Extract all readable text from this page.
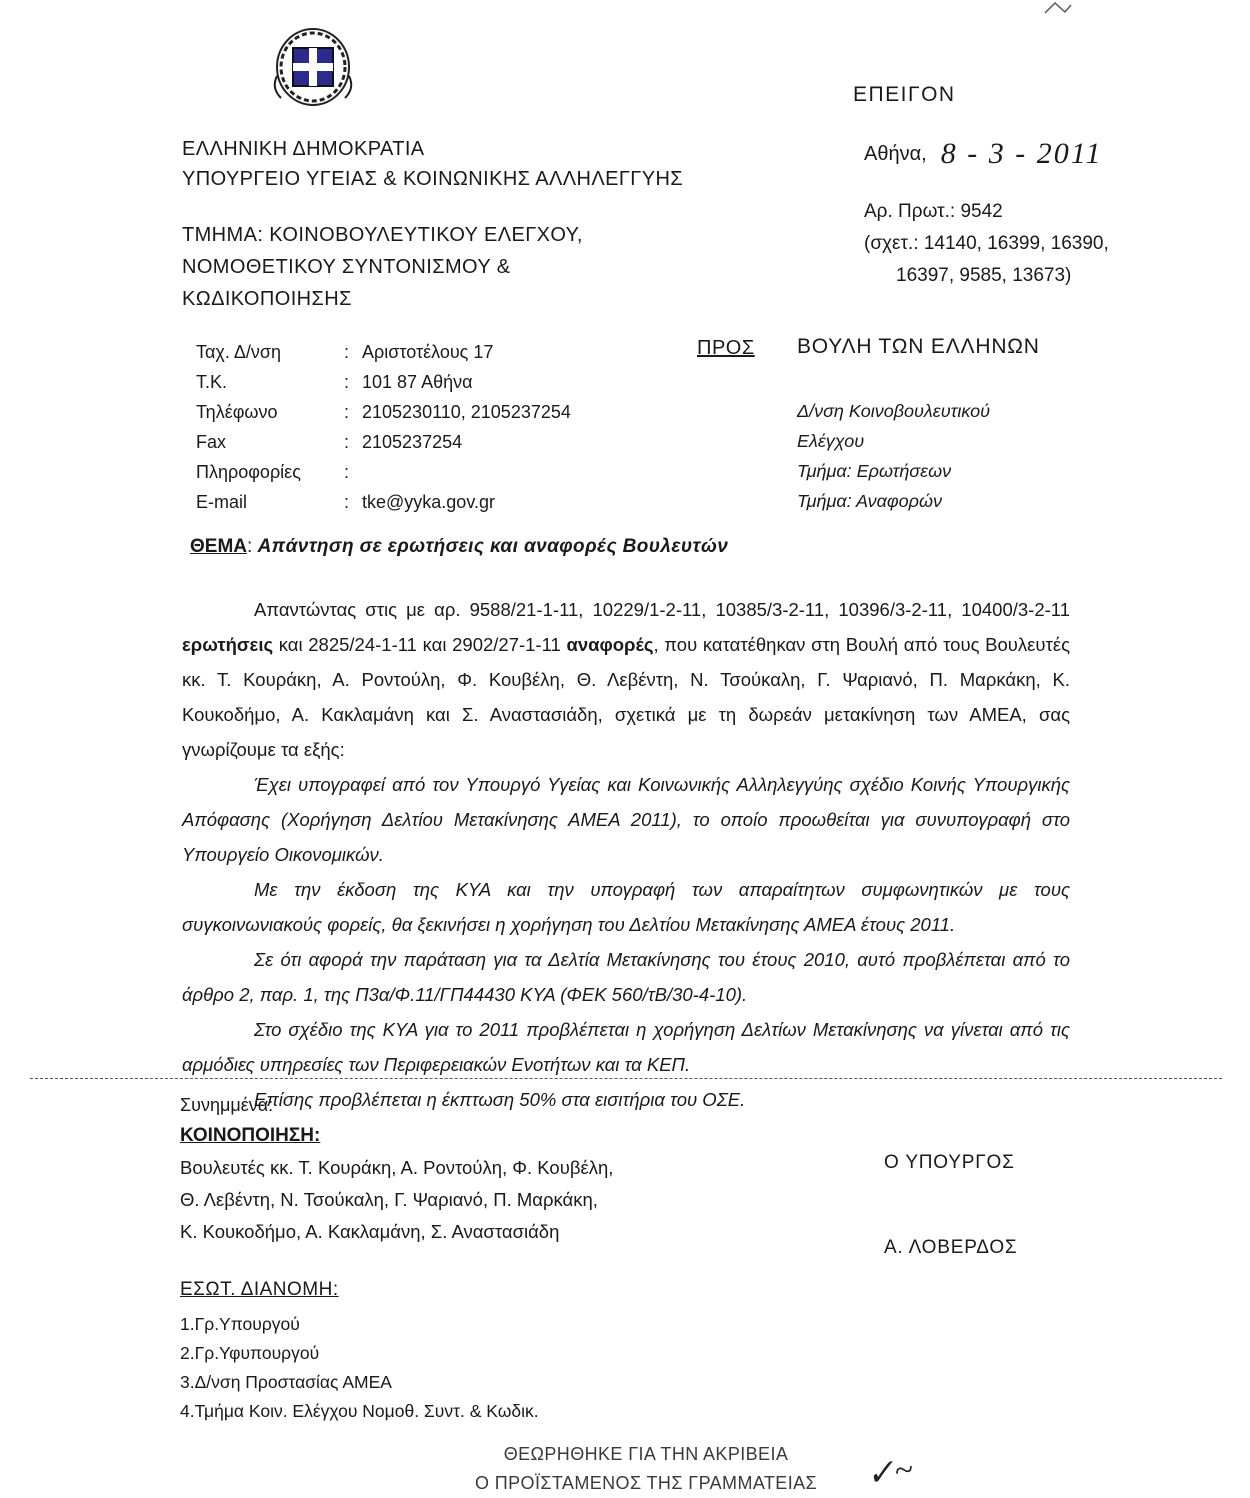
ΕΠΕΙΓΟΝ
Αθήνα, 8 - 3 - 2011
Αρ. Πρωτ.: 9542
(σχετ.: 14140, 16399, 16390,
16397, 9585, 13673)
ΕΛΛΗΝΙΚΗ ΔΗΜΟΚΡΑΤΙΑ
ΥΠΟΥΡΓΕΙΟ ΥΓΕΙΑΣ & ΚΟΙΝΩΝΙΚΗΣ ΑΛΛΗΛΕΓΓΥΗΣ
ΤΜΗΜΑ: ΚΟΙΝΟΒΟΥΛΕΥΤΙΚΟΥ ΕΛΕΓΧΟΥ,
ΝΟΜΟΘΕΤΙΚΟΥ ΣΥΝΤΟΝΙΣΜΟΥ &
ΚΩΔΙΚΟΠΟΙΗΣΗΣ
Ταχ. Δ/νση	:	Αριστοτέλους 17
Τ.Κ.	:	101 87 Αθήνα
Τηλέφωνο	:	2105230110, 2105237254
Fax	:	2105237254
Πληροφορίες	:	
E-mail	:	tke@yyka.gov.gr
ΠΡΟΣ ΒΟΥΛΗ ΤΩΝ ΕΛΛΗΝΩΝ
Δ/νση Κοινοβουλευτικού
Ελέγχου
Τμήμα: Ερωτήσεων
Τμήμα: Αναφορών
ΘΕΜΑ: Απάντηση σε ερωτήσεις και αναφορές Βουλευτών

Απαντώντας στις με αρ. 9588/21-1-11, 10229/1-2-11, 10385/3-2-11, 10396/3-2-11, 10400/3-2-11 ερωτήσεις και 2825/24-1-11 και 2902/27-1-11 αναφορές, που κατατέθηκαν στη Βουλή από τους Βουλευτές κκ. Τ. Κουράκη, Α. Ροντούλη, Φ. Κουβέλη, Θ. Λεβέντη, Ν. Τσούκαλη, Γ. Ψαριανό, Π. Μαρκάκη, Κ. Κουκοδήμο, Α. Κακλαμάνη και Σ. Αναστασιάδη, σχετικά με τη δωρεάν μετακίνηση των ΑΜΕΑ, σας γνωρίζουμε τα εξής:

Έχει υπογραφεί από τον Υπουργό Υγείας και Κοινωνικής Αλληλεγγύης σχέδιο Κοινής Υπουργικής Απόφασης (Χορήγηση Δελτίου Μετακίνησης ΑΜΕΑ 2011), το οποίο προωθείται για συνυπογραφή στο Υπουργείο Οικονομικών.

Με την έκδοση της ΚΥΑ και την υπογραφή των απαραίτητων συμφωνητικών με τους συγκοινωνιακούς φορείς, θα ξεκινήσει η χορήγηση του Δελτίου Μετακίνησης ΑΜΕΑ έτους 2011.

Σε ότι αφορά την παράταση για τα Δελτία Μετακίνησης του έτους 2010, αυτό προβλέπεται από το άρθρο 2, παρ. 1, της Π3α/Φ.11/ΓΠ44430 ΚΥΑ (ΦΕΚ 560/τΒ/30-4-10).

Στο σχέδιο της ΚΥΑ για το 2011 προβλέπεται η χορήγηση Δελτίων Μετακίνησης να γίνεται από τις αρμόδιες υπηρεσίες των Περιφερειακών Ενοτήτων και τα ΚΕΠ.

Επίσης προβλέπεται η έκπτωση 50% στα εισιτήρια του ΟΣΕ.

Συνημμένα:
ΚΟΙΝΟΠΟΙΗΣΗ:
Βουλευτές κκ. Τ. Κουράκη, Α. Ροντούλη, Φ. Κουβέλη,
Θ. Λεβέντη, Ν. Τσούκαλη, Γ. Ψαριανό, Π. Μαρκάκη,
Κ. Κουκοδήμο, Α. Κακλαμάνη, Σ. Αναστασιάδη
ΕΣΩΤ. ΔΙΑΝΟΜΗ:
1.Γρ.Υπουργού
2.Γρ.Υφυπουργού
3.Δ/νση Προστασίας ΑΜΕΑ
4.Τμήμα Κοιν. Ελέγχου Νομοθ. Συντ. & Κωδικ.
Ο ΥΠΟΥΡΓΟΣ
Α. ΛΟΒΕΡΔΟΣ
ΘΕΩΡΗΘΗΚΕ ΓΙΑ ΤΗΝ ΑΚΡΙΒΕΙΑ
Ο ΠΡΟΪΣΤΑΜΕΝΟΣ ΤΗΣ ΓΡΑΜΜΑΤΕΙΑΣ	✓~
